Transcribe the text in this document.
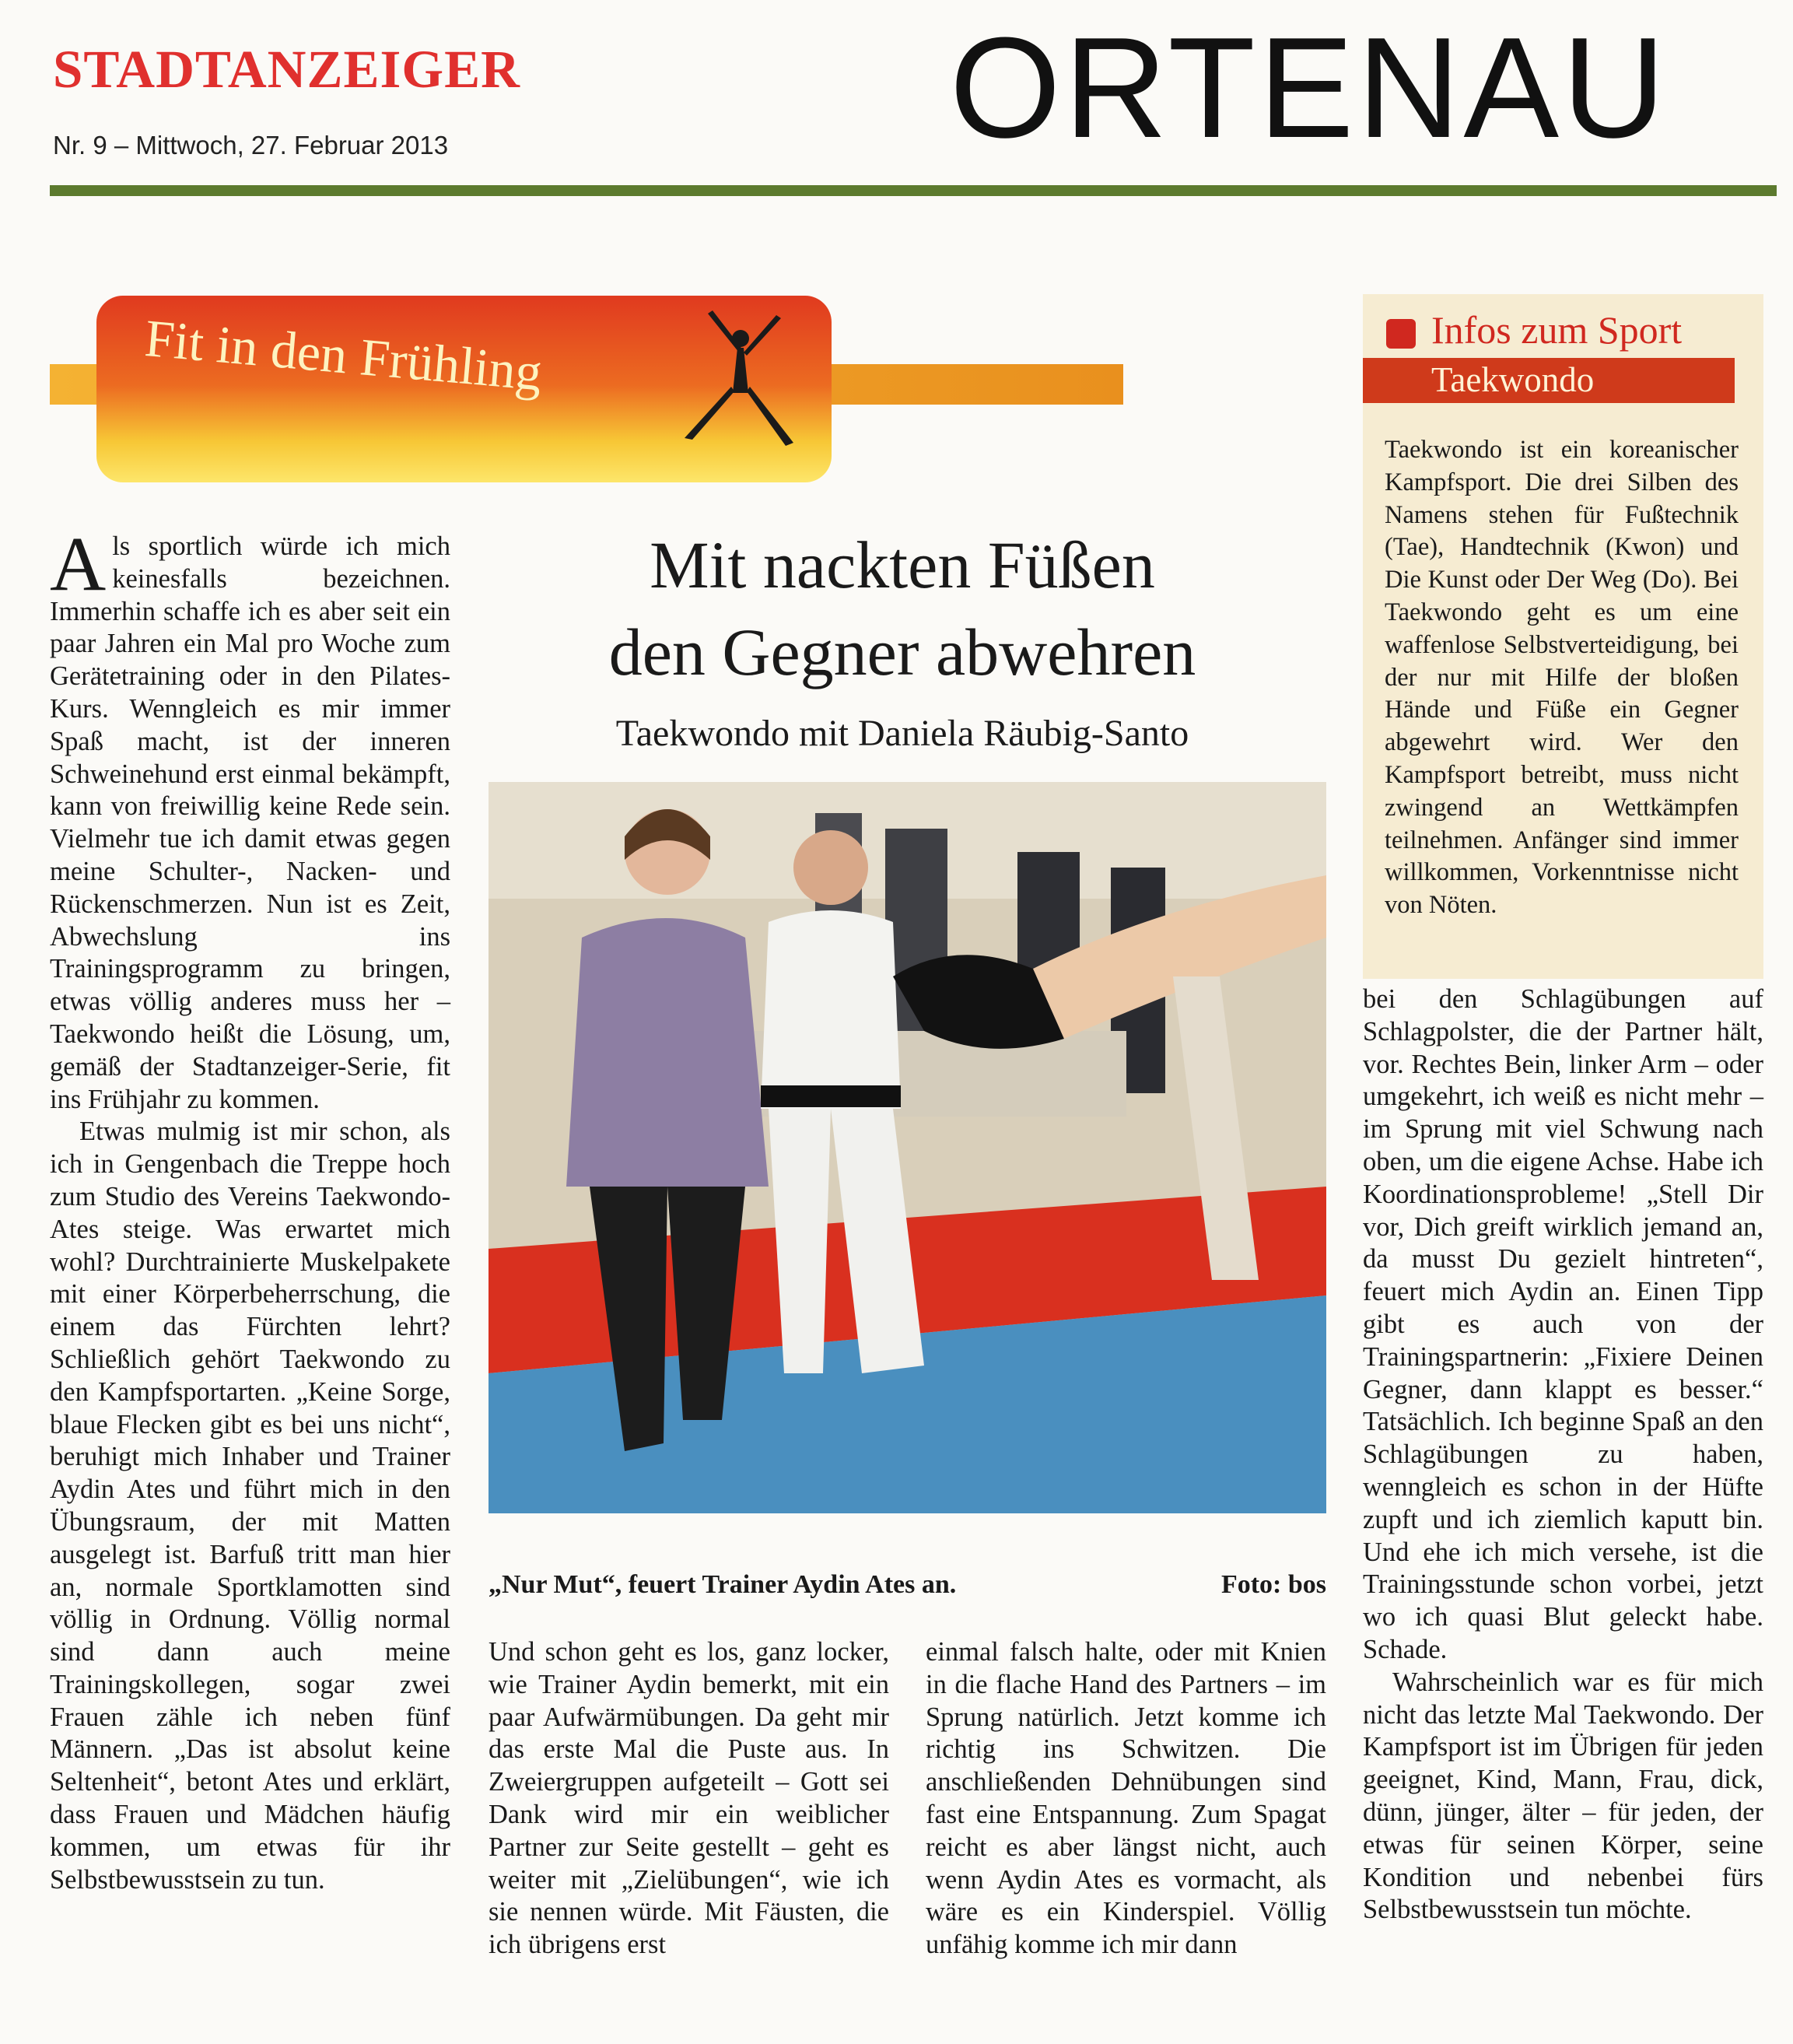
STADTANZEIGER
Nr. 9 – Mittwoch, 27. Februar 2013	ORTENAU
Fit in den Frühling	Infos zum Sport
Taekwondo
Taekwondo ist ein koreanischer Kampfsport. Die drei Silben des Namens stehen für Fußtechnik (Tae), Handtechnik (Kwon) und Die Kunst oder Der Weg (Do). Bei Taekwondo geht es um eine waffenlose Selbstverteidigung, bei der nur mit Hilfe der bloßen Hände und Füße ein Gegner abgewehrt wird. Wer den Kampfsport betreibt, muss nicht zwingend an Wettkämpfen teilnehmen. Anfänger sind immer willkommen, Vorkenntnisse nicht von Nöten.
Mit nackten Füßen
den Gegner abwehren
Taekwondo mit Daniela Räubig-Santo
„Nur Mut“, feuert Trainer Aydin Ates an.	Foto: bos

Als sportlich würde ich mich keinesfalls bezeichnen. Immerhin schaffe ich es aber seit ein paar Jahren ein Mal pro Woche zum Gerätetraining oder in den Pilates-Kurs. Wenngleich es mir immer Spaß macht, ist der inneren Schweinehund erst einmal bekämpft, kann von freiwillig keine Rede sein. Vielmehr tue ich damit etwas gegen meine Schulter-, Nacken- und Rückenschmerzen. Nun ist es Zeit, Abwechslung ins Trainingsprogramm zu bringen, etwas völlig anderes muss her – Taekwondo heißt die Lösung, um, gemäß der Stadtanzeiger-Serie, fit ins Frühjahr zu kommen.

Etwas mulmig ist mir schon, als ich in Gengenbach die Treppe hoch zum Studio des Vereins Taekwondo-Ates steige. Was erwartet mich wohl? Durchtrainierte Muskelpakete mit einer Körperbeherrschung, die einem das Fürchten lehrt? Schließlich gehört Taekwondo zu den Kampfsportarten. „Keine Sorge, blaue Flecken gibt es bei uns nicht“, beruhigt mich Inhaber und Trainer Aydin Ates und führt mich in den Übungsraum, der mit Matten ausgelegt ist. Barfuß tritt man hier an, normale Sportklamotten sind völlig in Ordnung. Völlig normal sind dann auch meine Trainingskollegen, sogar zwei Frauen zähle ich neben fünf Männern. „Das ist absolut keine Seltenheit“, betont Ates und erklärt, dass Frauen und Mädchen häufig kommen, um etwas für ihr Selbstbewusstsein zu tun.

Und schon geht es los, ganz locker, wie Trainer Aydin bemerkt, mit ein paar Aufwärmübungen. Da geht mir das erste Mal die Puste aus. In Zweiergruppen aufgeteilt – Gott sei Dank wird mir ein weiblicher Partner zur Seite gestellt – geht es weiter mit „Zielübungen“, wie ich sie nennen würde. Mit Fäusten, die ich übrigens erst

einmal falsch halte, oder mit Knien in die flache Hand des Partners – im Sprung natürlich. Jetzt komme ich richtig ins Schwitzen. Die anschließenden Dehnübungen sind fast eine Entspannung. Zum Spagat reicht es aber längst nicht, auch wenn Aydin Ates es vormacht, als wäre es ein Kinderspiel. Völlig unfähig komme ich mir dann

bei den Schlagübungen auf Schlagpolster, die der Partner hält, vor. Rechtes Bein, linker Arm – oder umgekehrt, ich weiß es nicht mehr – im Sprung mit viel Schwung nach oben, um die eigene Achse. Habe ich Koordinationsprobleme! „Stell Dir vor, Dich greift wirklich jemand an, da musst Du gezielt hintreten“, feuert mich Aydin an. Einen Tipp gibt es auch von der Trainingspartnerin: „Fixiere Deinen Gegner, dann klappt es besser.“ Tatsächlich. Ich beginne Spaß an den Schlagübungen zu haben, wenngleich es schon in der Hüfte zupft und ich ziemlich kaputt bin. Und ehe ich mich versehe, ist die Trainingsstunde schon vorbei, jetzt wo ich quasi Blut geleckt habe. Schade.

Wahrscheinlich war es für mich nicht das letzte Mal Taekwondo. Der Kampfsport ist im Übrigen für jeden geeignet, Kind, Mann, Frau, dick, dünn, jünger, älter – für jeden, der etwas für seinen Körper, seine Kondition und nebenbei fürs Selbstbewusstsein tun möchte.
